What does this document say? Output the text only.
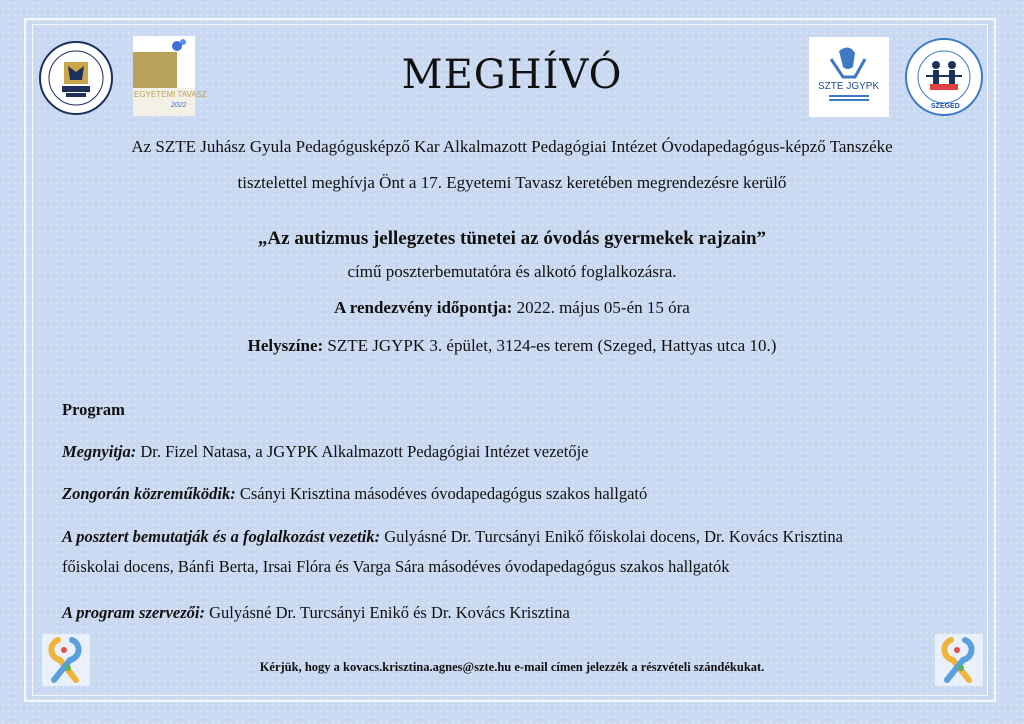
EGYETEMI TAVASZ
2022
MEGHÍVÓ	SZTE JGYPK
SZEGED
Az SZTE Juhász Gyula Pedagógusképző Kar Alkalmazott Pedagógiai Intézet Óvodapedagógus-képző Tanszéke
tisztelettel meghívja Önt a 17. Egyetemi Tavasz keretében megrendezésre kerülő
„Az autizmus jellegzetes tünetei az óvodás gyermekek rajzain”
című poszterbemutatóra és alkotó foglalkozásra.
A rendezvény időpontja: 2022. május 05-én 15 óra
Helyszíne: SZTE JGYPK 3. épület, 3124-es terem (Szeged, Hattyas utca 10.)
Program
Megnyitja: Dr. Fizel Natasa, a JGYPK Alkalmazott Pedagógiai Intézet vezetője
Zongorán közreműködik: Csányi Krisztina másodéves óvodapedagógus szakos hallgató
A posztert bemutatják és a foglalkozást vezetik: Gulyásné Dr. Turcsányi Enikő főiskolai docens, Dr. Kovács Krisztina
főiskolai docens, Bánfi Berta, Irsai Flóra és Varga Sára másodéves óvodapedagógus szakos hallgatók
A program szervezői: Gulyásné Dr. Turcsányi Enikő és Dr. Kovács Krisztina
Kérjük, hogy a kovacs.krisztina.agnes@szte.hu e-mail címen jelezzék a részvételi szándékukat.
